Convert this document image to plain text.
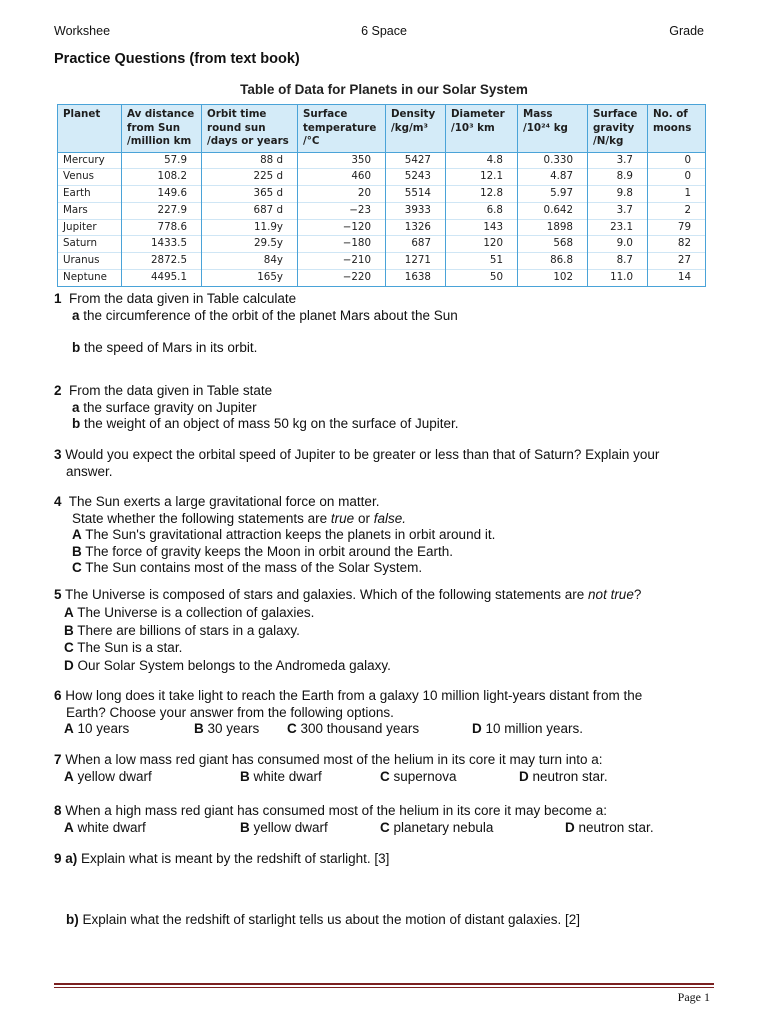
Workshee	6 Space	Grade
Practice Questions (from text book)
Table of Data for Planets in our Solar System
Planet	Av distance from Sun /million km	Orbit time round sun /days or years	Surface temperature /°C	Density /kg/m³	Diameter /10³ km	Mass /10²⁴ kg	Surface gravity /N/kg	No. of moons
Mercury	57.9	88 d	350	5427	4.8	0.330	3.7	0
Venus	108.2	225 d	460	5243	12.1	4.87	8.9	0
Earth	149.6	365 d	20	5514	12.8	5.97	9.8	1
Mars	227.9	687 d	−23	3933	6.8	0.642	3.7	2
Jupiter	778.6	11.9y	−120	1326	143	1898	23.1	79
Saturn	1433.5	29.5y	−180	687	120	568	9.0	82
Uranus	2872.5	84y	−210	1271	51	86.8	8.7	27
Neptune	4495.1	165y	−220	1638	50	102	11.0	14
1 From the data given in Table calculate
a the circumference of the orbit of the planet Mars about the Sun
b the speed of Mars in its orbit.
2 From the data given in Table state
a the surface gravity on Jupiter
b the weight of an object of mass 50 kg on the surface of Jupiter.
3 Would you expect the orbital speed of Jupiter to be greater or less than that of Saturn? Explain your
answer.
4 The Sun exerts a large gravitational force on matter.
State whether the following statements are true or false.
A The Sun's gravitational attraction keeps the planets in orbit around it.
B The force of gravity keeps the Moon in orbit around the Earth.
C The Sun contains most of the mass of the Solar System.
5 The Universe is composed of stars and galaxies. Which of the following statements are not true?
A The Universe is a collection of galaxies.
B There are billions of stars in a galaxy.
C The Sun is a star.
D Our Solar System belongs to the Andromeda galaxy.
6 How long does it take light to reach the Earth from a galaxy 10 million light-years distant from the
Earth? Choose your answer from the following options.
A 10 years	B 30 years C 300 thousand years	D 10 million years.
7 When a low mass red giant has consumed most of the helium in its core it may turn into a:
A yellow dwarf	B white dwarf	C supernova	D neutron star.
8 When a high mass red giant has consumed most of the helium in its core it may become a:
A white dwarf	B yellow dwarf	C planetary nebula	D neutron star.
9 a) Explain what is meant by the redshift of starlight. [3]
b) Explain what the redshift of starlight tells us about the motion of distant galaxies. [2]
Page 1
